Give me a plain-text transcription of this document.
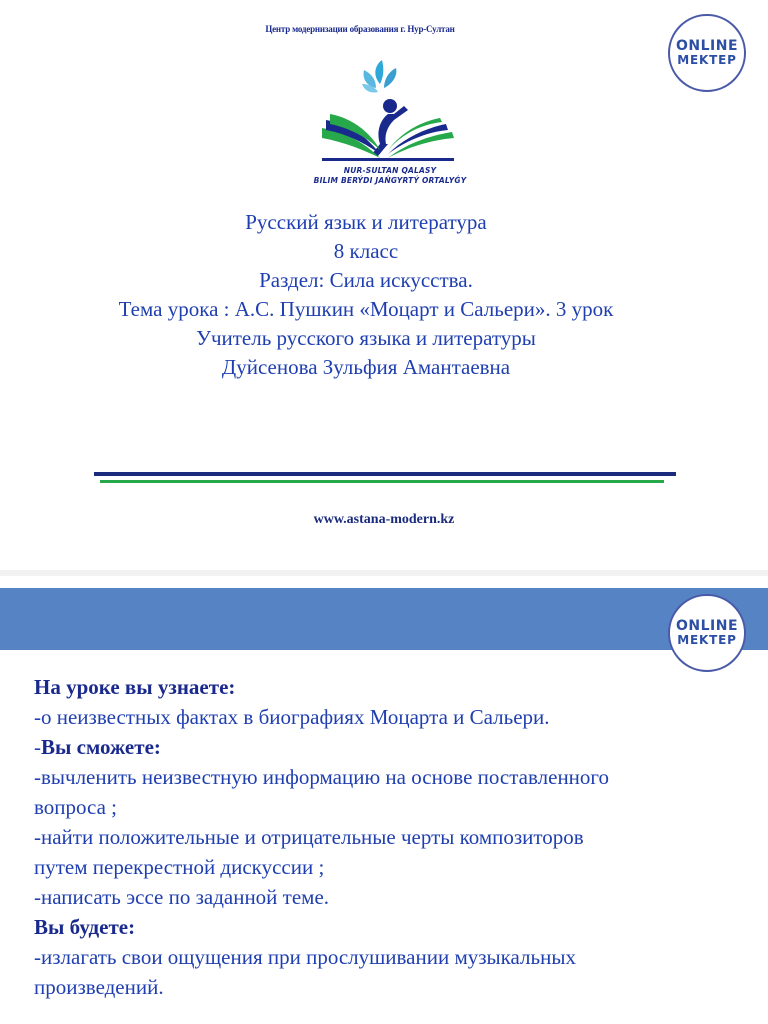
Центр модернизации образования г. Нур-Султан
ONLINE
MEKTEP
NUR-SULTAN QALASY
BILIM BERÝDI JAŃGYRTÝ ORTALYǴY
Русский язык и литература
8 класс
Раздел: Сила искусства.
Тема урока : А.С. Пушкин «Моцарт и Сальери». 3 урок
Учитель русского языка и литературы
Дуйсенова Зульфия Амантаевна
www.astana-modern.kz
ONLINE
MEKTEP
На уроке вы узнаете:
-о неизвестных фактах в биографиях Моцарта и Сальери.
-Вы сможете:
-вычленить неизвестную информацию на основе поставленного
вопроса ;
-найти положительные и отрицательные черты композиторов
путем перекрестной дискуссии ;
-написать эссе по заданной теме.
Вы будете:
-излагать свои ощущения при прослушивании музыкальных
произведений.
